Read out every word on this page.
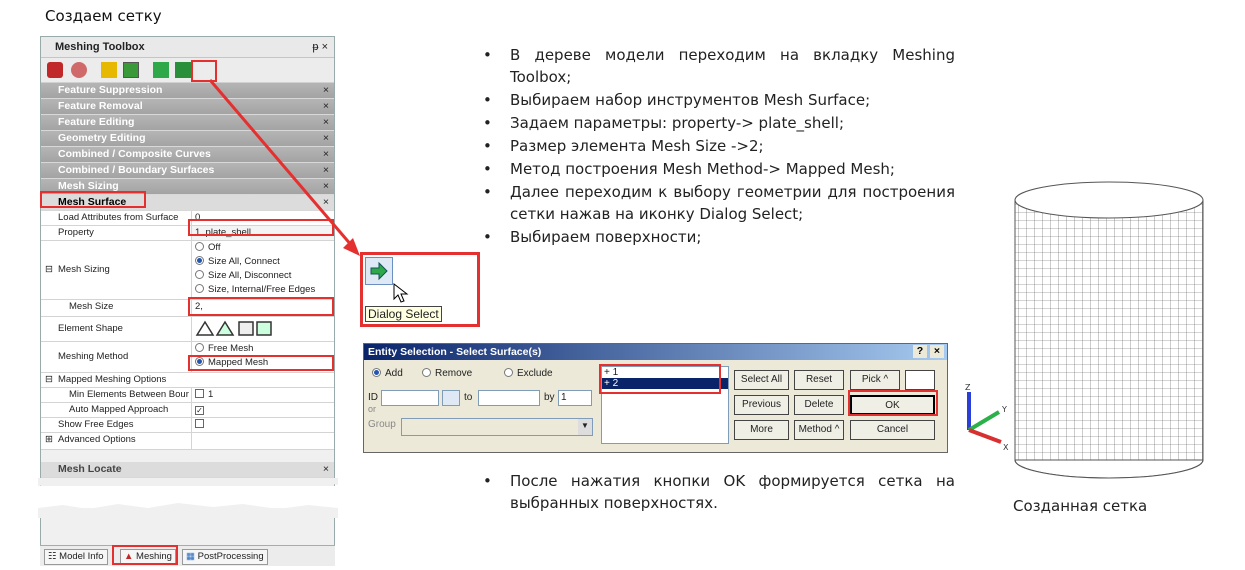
Создаем сетку
Meshing Toolbox	ᵽ ×
Feature Suppression	×
Feature Removal	×
Feature Editing	×
Geometry Editing	×
Combined / Composite Curves	×
Combined / Boundary Surfaces	×
Mesh Sizing	×
Mesh Surface	×
Load Attributes from Surface	0
Property	1..plate_shell
⊟ Mesh Sizing
Off
Size All, Connect
Size All, Disconnect
Size, Internal/Free Edges
Mesh Size	2,
Element Shape
Meshing Method
Free Mesh
Mapped Mesh
⊟ Mapped Meshing Options
Min Elements Between Bour	1
Auto Mapped Approach	✓
Show Free Edges
⊞ Advanced Options
Mesh Locate	×
☷ Model Info	▲ Meshing	▦ PostProcessing
Dialog Select
• В дереве модели переходим на вкладку Meshing Toolbox;
• Выбираем набор инструментов Mesh Surface;
• Задаем параметры: property-> plate_shell;
• Размер элемента Mesh Size ->2;
• Метод построения Mesh Method-> Mapped Mesh;
• Далее переходим к выбору геометрии для построения сетки нажав на иконку Dialog Select;
• Выбираем поверхности;
Entity Selection - Select Surface(s)	?	×
Add	Remove	Exclude
ID
or
to	by 1
Group	▼
+ 1
+ 2	Select All	Reset	Pick ^
Previous	Delete	OK
More	Method ^	Cancel
• После нажатия кнопки OK формируется сетка на выбранных поверхностях.
Z
Y
X
Созданная сетка
